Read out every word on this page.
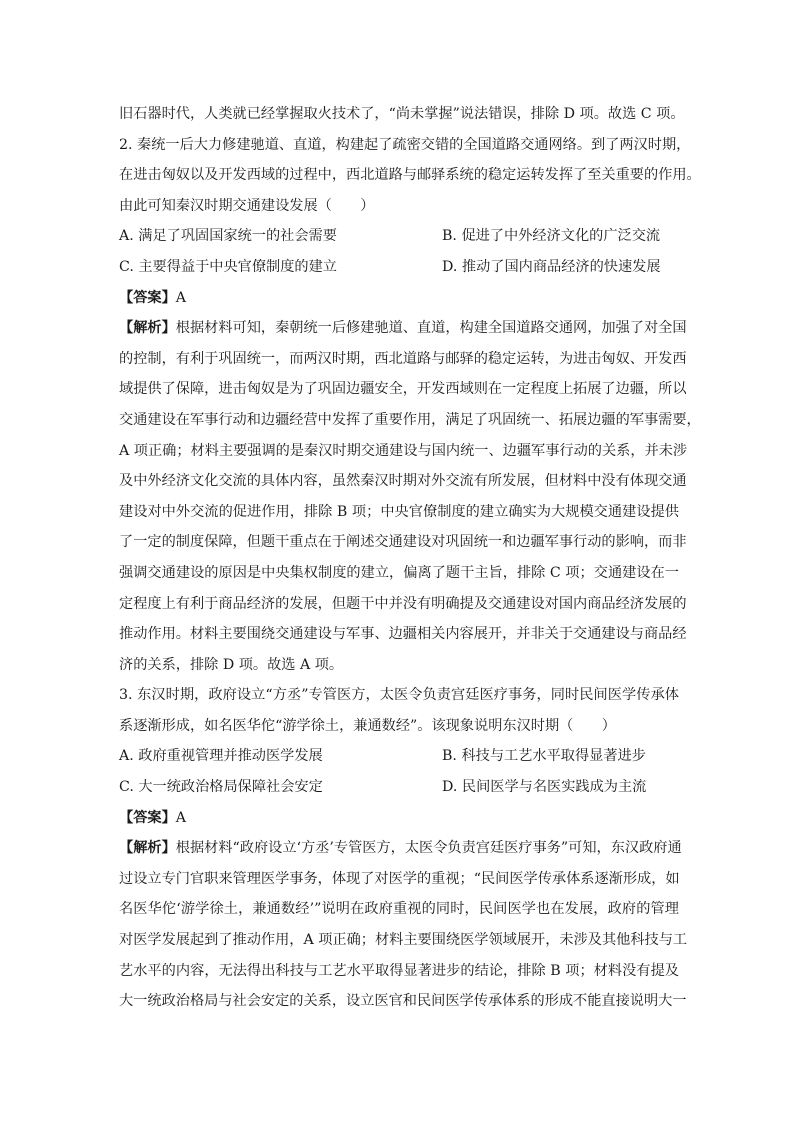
旧石器时代，人类就已经掌握取火技术了，“尚未掌握”说法错误，排除 D 项。故选 C 项。
2. 秦统一后大力修建驰道、直道，构建起了疏密交错的全国道路交通网络。到了两汉时期，
在进击匈奴以及开发西域的过程中，西北道路与邮驿系统的稳定运转发挥了至关重要的作用。
由此可知秦汉时期交通建设发展（　　）
A. 满足了巩固国家统一的社会需要	B. 促进了中外经济文化的广泛交流
C. 主要得益于中央官僚制度的建立	D. 推动了国内商品经济的快速发展
【答案】A
【解析】根据材料可知，秦朝统一后修建驰道、直道，构建全国道路交通网，加强了对全国
的控制，有利于巩固统一，而两汉时期，西北道路与邮驿的稳定运转，为进击匈奴、开发西
域提供了保障，进击匈奴是为了巩固边疆安全，开发西域则在一定程度上拓展了边疆，所以
交通建设在军事行动和边疆经营中发挥了重要作用，满足了巩固统一、拓展边疆的军事需要，
A 项正确；材料主要强调的是秦汉时期交通建设与国内统一、边疆军事行动的关系，并未涉
及中外经济文化交流的具体内容，虽然秦汉时期对外交流有所发展，但材料中没有体现交通
建设对中外交流的促进作用，排除 B 项；中央官僚制度的建立确实为大规模交通建设提供
了一定的制度保障，但题干重点在于阐述交通建设对巩固统一和边疆军事行动的影响，而非
强调交通建设的原因是中央集权制度的建立，偏离了题干主旨，排除 C 项；交通建设在一
定程度上有利于商品经济的发展，但题干中并没有明确提及交通建设对国内商品经济发展的
推动作用。材料主要围绕交通建设与军事、边疆相关内容展开，并非关于交通建设与商品经
济的关系，排除 D 项。故选 A 项。
3. 东汉时期，政府设立“方丞”专管医方，太医令负责宫廷医疗事务，同时民间医学传承体
系逐渐形成，如名医华佗“游学徐土，兼通数经”。该现象说明东汉时期（　　）
A. 政府重视管理并推动医学发展	B. 科技与工艺水平取得显著进步
C. 大一统政治格局保障社会安定	D. 民间医学与名医实践成为主流
【答案】A
【解析】根据材料“政府设立‘方丞’专管医方，太医令负责宫廷医疗事务”可知，东汉政府通
过设立专门官职来管理医学事务，体现了对医学的重视；“民间医学传承体系逐渐形成，如
名医华佗‘游学徐土，兼通数经’”说明在政府重视的同时，民间医学也在发展，政府的管理
对医学发展起到了推动作用，A 项正确；材料主要围绕医学领域展开，未涉及其他科技与工
艺水平的内容，无法得出科技与工艺水平取得显著进步的结论，排除 B 项；材料没有提及
大一统政治格局与社会安定的关系，设立医官和民间医学传承体系的形成不能直接说明大一
